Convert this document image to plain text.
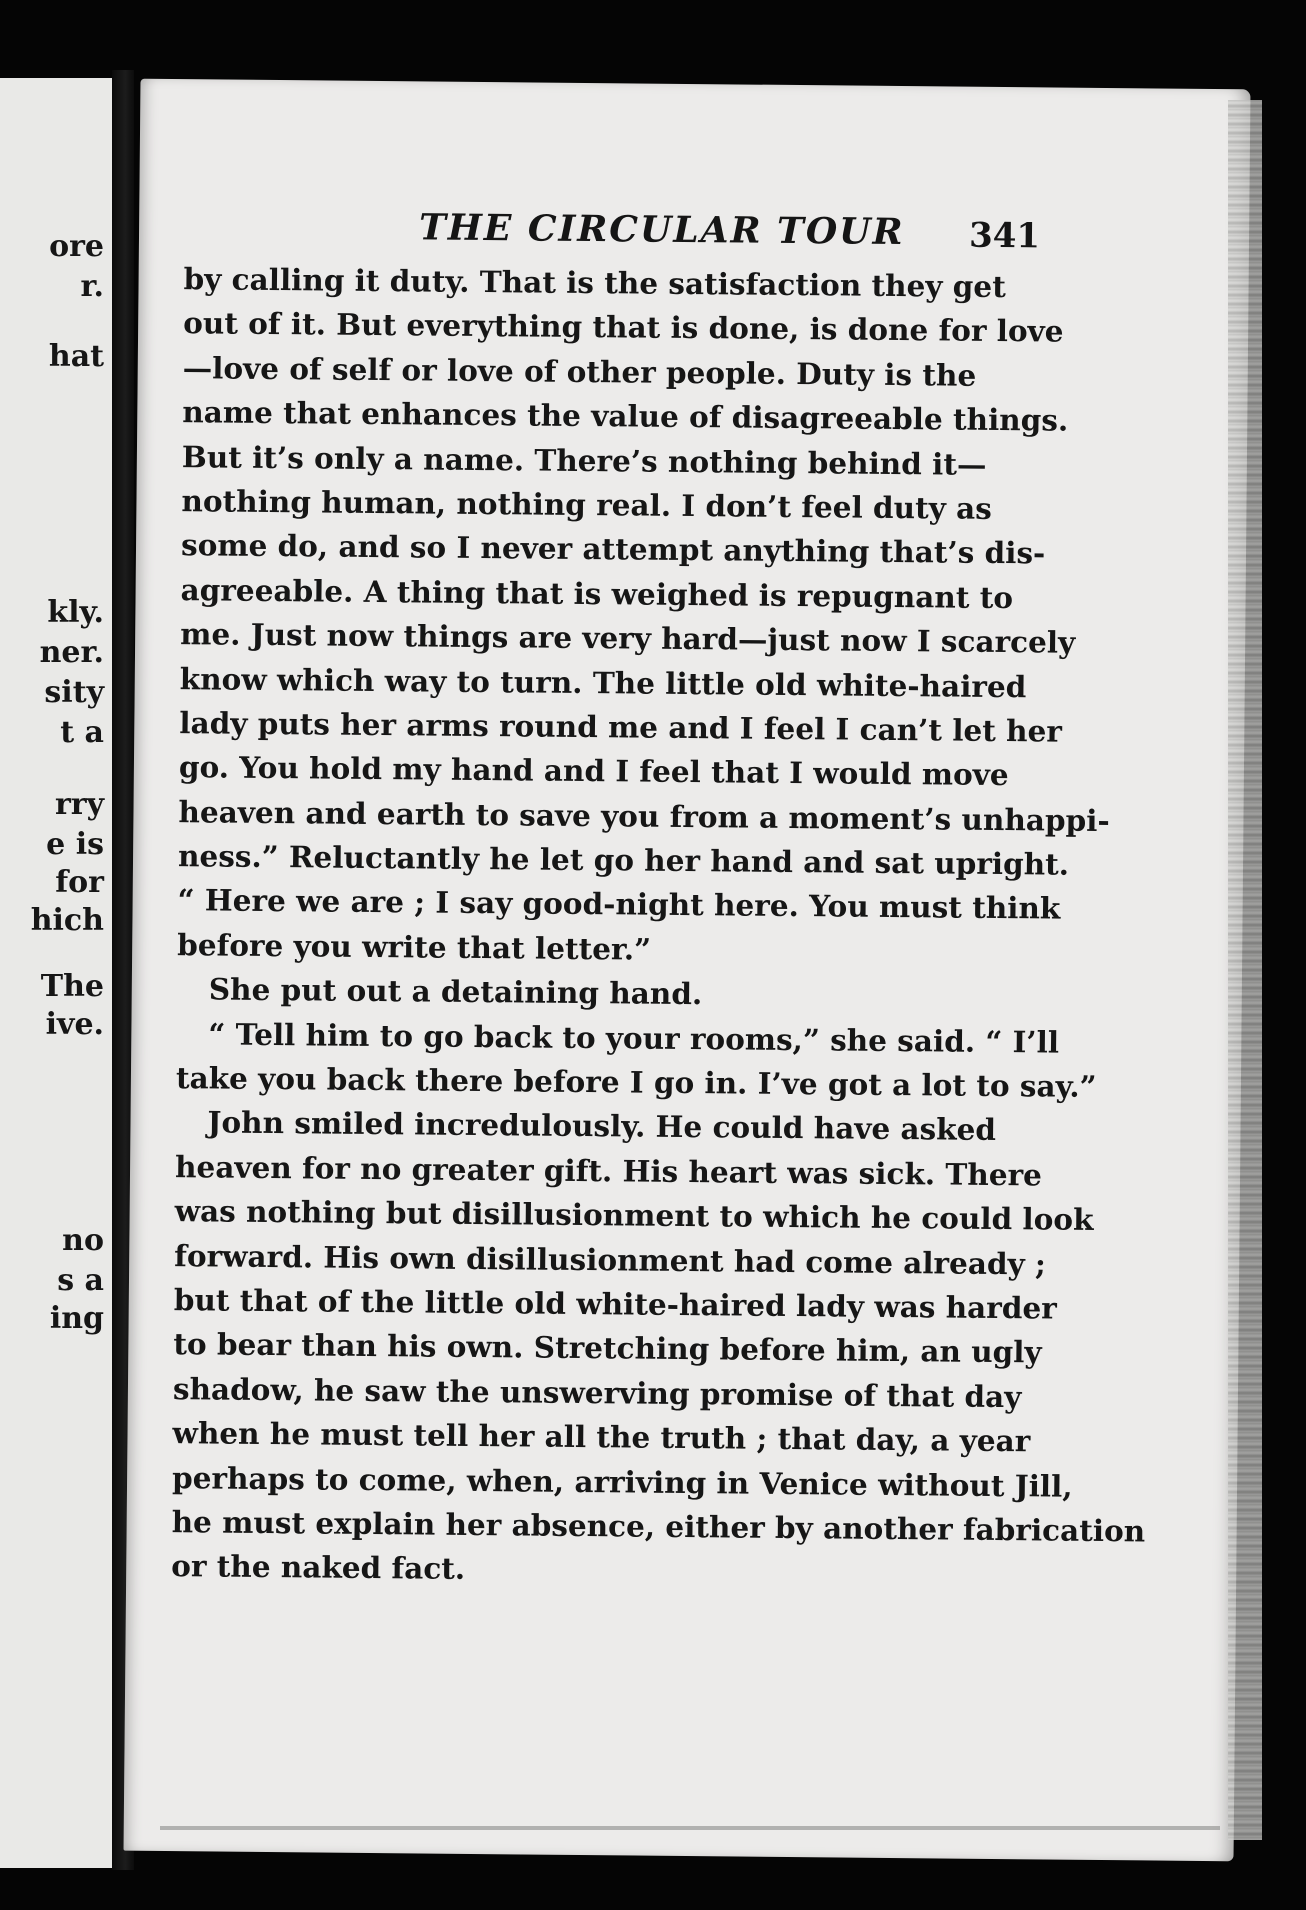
ore
r.
hat
kly.
ner.
sity
t a
rry
e is
for
hich
The
ive.
no
s a
ing
THE CIRCULAR TOUR 341
by calling it duty. That is the satisfaction they get
out of it. But everything that is done, is done for love
—love of self or love of other people. Duty is the
name that enhances the value of disagreeable things.
But it’s only a name. There’s nothing behind it—
nothing human, nothing real. I don’t feel duty as
some do, and so I never attempt anything that’s dis-
agreeable. A thing that is weighed is repugnant to
me. Just now things are very hard—just now I scarcely
know which way to turn. The little old white-haired
lady puts her arms round me and I feel I can’t let her
go. You hold my hand and I feel that I would move
heaven and earth to save you from a moment’s unhappi-
ness.” Reluctantly he let go her hand and sat upright.
“ Here we are ; I say good-night here. You must think
before you write that letter.”
She put out a detaining hand.
“ Tell him to go back to your rooms,” she said. “ I’ll
take you back there before I go in. I’ve got a lot to say.”
John smiled incredulously. He could have asked
heaven for no greater gift. His heart was sick. There
was nothing but disillusionment to which he could look
forward. His own disillusionment had come already ;
but that of the little old white-haired lady was harder
to bear than his own. Stretching before him, an ugly
shadow, he saw the unswerving promise of that day
when he must tell her all the truth ; that day, a year
perhaps to come, when, arriving in Venice without Jill,
he must explain her absence, either by another fabrication
or the naked fact.
